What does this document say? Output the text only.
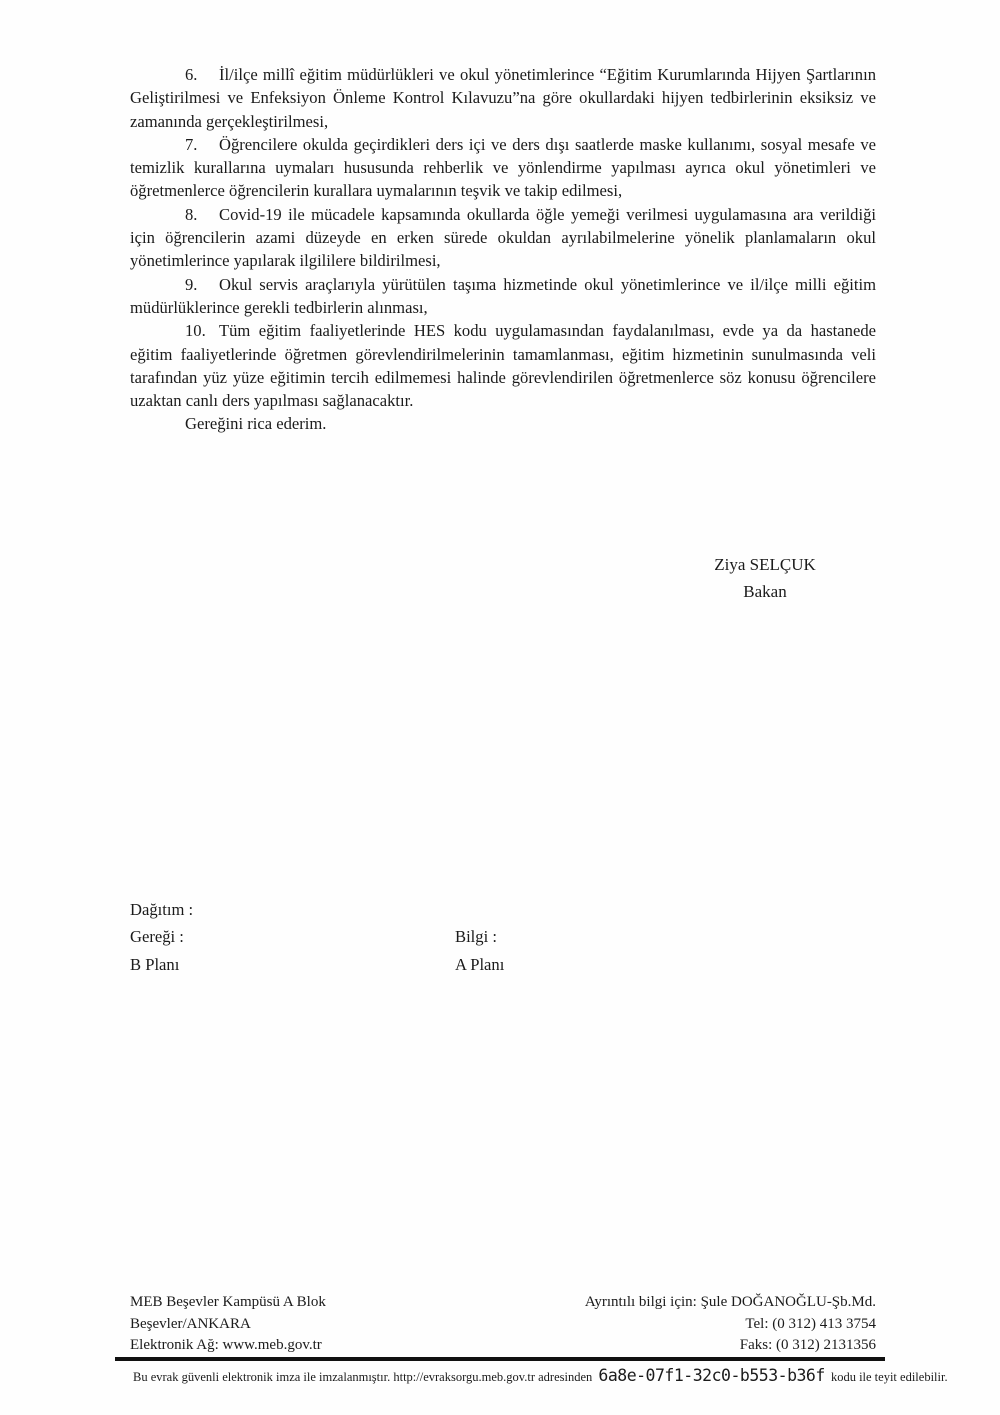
6. İl/ilçe millî eğitim müdürlükleri ve okul yönetimlerince “Eğitim Kurumlarında Hijyen Şartlarının Geliştirilmesi ve Enfeksiyon Önleme Kontrol Kılavuzu”na göre okullardaki hijyen tedbirlerinin eksiksiz ve zamanında gerçekleştirilmesi,

7. Öğrencilere okulda geçirdikleri ders içi ve ders dışı saatlerde maske kullanımı, sosyal mesafe ve temizlik kurallarına uymaları hususunda rehberlik ve yönlendirme yapılması ayrıca okul yönetimleri ve öğretmenlerce öğrencilerin kurallara uymalarının teşvik ve takip edilmesi,

8. Covid-19 ile mücadele kapsamında okullarda öğle yemeği verilmesi uygulamasına ara verildiği için öğrencilerin azami düzeyde en erken sürede okuldan ayrılabilmelerine yönelik planlamaların okul yönetimlerince yapılarak ilgililere bildirilmesi,

9. Okul servis araçlarıyla yürütülen taşıma hizmetinde okul yönetimlerince ve il/ilçe milli eğitim müdürlüklerince gerekli tedbirlerin alınması,

10. Tüm eğitim faaliyetlerinde HES kodu uygulamasından faydalanılması, evde ya da hastanede eğitim faaliyetlerinde öğretmen görevlendirilmelerinin tamamlanması, eğitim hizmetinin sunulmasında veli tarafından yüz yüze eğitimin tercih edilmemesi halinde görevlendirilen öğretmenlerce söz konusu öğrencilere uzaktan canlı ders yapılması sağlanacaktır.

Gereğini rica ederim.

Ziya SELÇUK
Bakan
Dağıtım :
Gereği :	Bilgi :
B Planı	A Planı
MEB Beşevler Kampüsü A Blok
Beşevler/ANKARA
Elektronik Ağ: www.meb.gov.tr
Ayrıntılı bilgi için: Şule DOĞANOĞLU-Şb.Md.
Tel: (0 312) 413 3754
Faks: (0 312) 2131356
Bu evrak güvenli elektronik imza ile imzalanmıştır. http://evraksorgu.meb.gov.tr adresinden 6a8e-07f1-32c0-b553-b36f kodu ile teyit edilebilir.
